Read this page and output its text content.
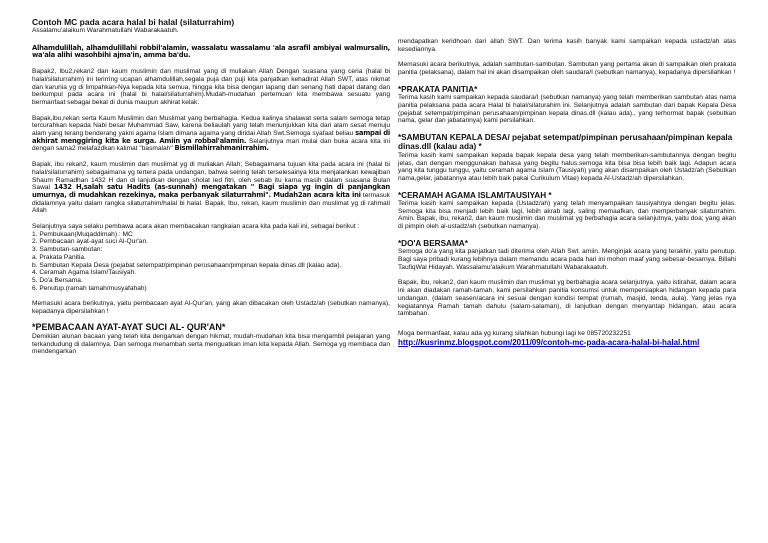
Contoh MC pada acara halal bi halal (silaturrahim)

Assalamu'alaikum Warahmatullahi Wabarakaatuh.

Alhamdulillah, alhamdulillahi robbil'alamin, wassalatu wassalamu 'ala asrafil ambiyai walmursalin, wa'ala alihi wasohbihi ajma'in, amma ba'du.

Bapak2, Ibu2,rekan2 dan kaum muslimin dan muslimat yang di muliakan Allah Dengan suasana yang ceria (halal bi halal/silaturrahim) ini terirring ucapan alhamdulillah,segala puja dan puji kita panjatkan kehadirat Allah SWT, atas nikmat dan karunia yg di limpahkan-Nya kepada kita semua, hingga kita bisa dengan lapang dan senang hati dapat datang dan berkumpul pada acara ini (halal bi halal/silaturrahim).Mudah-mudahan pertemuan kita membawa sesuatu yang bermanfaat sebagai bekal di dunia maupun akhirat kelak.

Bapak,ibu,rekan serta Kaum Muslimin dan Muslimat yang berbahagia. Kedua kalinya shalawat serta salam semoga tetap tercurahkan kepada Nabi besar Muhammad Saw, karena beliaulah yang telah menunjukkan kita dari alam sesat menuju alam yang terang benderang yakni agama Islam dimana agama yang diridai Allah Swt.Semoga syafaat beliau sampai di akhirat menggiring kita ke surga. Amiin ya robbal'alamin. Selanjutnya mari mulai dan buka acara kita ini dengan sama2 melafazdkan kalimat "basmalah" Bismillahirrahmanirrahim.

Bapak, ibu rekan2, kaum muslimin dan muslimat yg di muliakan Allah; Sebagaimana tujuan kita pada acara ini (halal bi halal/silaturrahim) sebagaimana yg tertera pada undangan, bahwa seiring telah terselesainya kita menjalankan kewajiban Shaum Ramadhan 1432 H dan di lanjutkan dengan sholat Ied fitri, oleh sebab itu karna masih dalam suasana Bulan Sawal 1432 H,salah satu Hadits (as-sunnah) mengatakan " Bagi siapa yg ingin di panjangkan umurnya, di mudahkan rezekinya, maka perbanyak silaturrahmi". Mudah2an acara kita ini termasuk didalamnya yaitu dalam rangka silaturrahim/halal bi halal. Bapak, Ibu, rekan, kaum muslimin dan muslimat yg di rahmati Allah

Selanjutnya saya selaku pembawa acara akan membacakan rangkaian acara kita pada kali ini, sebagai berikut :

1. Pembukaan(Muqaddimah) : MC

2. Pembacaan ayat-ayat suci Al-Qur'an.

3. Sambutan-sambutan:

a. Prakata Panitia.

b. Sambutan Kepala Desa (pejabat setempat/pimpinan perusahaan/pimpinan kepala dinas.dll (kalau ada).

4. Ceramah Agama Islam/Tausiyah.

5. Do'a Bersama.

6. Penutup.(ramah tamah/musyafahah)

Memasuki acara berikutnya, yaitu pembacaan ayat Al-Qur'an, yang akan dibacakan oleh Ustadz/ah (sebutkan namanya), kepadanya dipersilahkan !

*PEMBACAAN AYAT-AYAT SUCI AL- QUR'AN*

Demikian alunan bacaan yang telah kita dengarkan dengan hikmat, mudah-mudahan kita bisa mengambil pelajaran yang terkandudung di dalamnya. Dan semoga menambah serta menguatkan iman kita kepada Allah. Semoga yg membaca dan mendengarkan

mendapatkan keridhoan dari allah SWT. Dan terima kasih banyak kami sampaikan kepada ustadz/ah atas kesediannya.

Memasuki acara berikutnya, adalah sambutan-sambutan. Sambutan yang pertama akan di sampaikan oleh prakata panitia (pelaksana), dalam hal ini akan disampaikan oleh saudara/I (sebutkan namanya), kepadanya dipersilahkan !

*PRAKATA PANITIA*

Terima kasih kami sampaikan kepada saudara/I (sebutkan namanya) yang telah memberikan sambutan atas nama panitia pelaksana pada acara Halal bi halal/silaturahim ini. Selanjutnya adalah sambutan dari bapak Kepala Desa (pejabat setempat/pimpinan perusahaan/pimpinan kepala dinas.dll (kalau ada)., yang terhormat bapak (sebutkan nama, gelar dan jabatannya) kami persilahkan.

*SAMBUTAN KEPALA DESA/ pejabat setempat/pimpinan perusahaan/pimpinan kepala dinas.dll (kalau ada) *

Terima kasih kami sampaikan kepada bapak kepala desa yang telah memberikan-sambutannya dengan begitu jelas, dan dengan menggunakan bahasa yang begitu halus.semoga kita bisa bisa lebih baik lagi. Adapun acara yang kita tunggu tunggu, yaitu ceramah agama Islam (Tausiyah) yang akan disampaikan oleh Ustadz/ah (Sebutkan nama,gelar, jabatannya atau lebih baik pakai Curikulum Vitae) kepada Al-Ustadz/ah dipersilahkan.

*CERAMAH AGAMA ISLAM/TAUSIYAH *

Terima kasih kami sampaikan kepada (Ustadz/ah) yang telah menyampaikan tausiyahnya dengan begitu jelas. Semoga kita bisa menjadi lebih baik lagi, lebih akrab lagi, saling memaafkan, dan memperbanyak silaturrahim. Amin. Bapak, ibu, rekan2, dan kaum muslimin dan muslimat yg berbahagia acara selanjutnya, yaitu doa; yang akan di pimpin oleh al-ustadz/ah (sebutkan namanya).

*DO'A BERSAMA*

Semoga do'a yang kita panjatkan tadi diterima oleh Allah Swt. amiin. Menginjak acara yang terakhir, yaitu penutup. Bagi saya pribadi kurang lebihnya dalam memandu acara pada hari ini mohon maaf yang sebesar-besarnya. Billahi TaufiqWal Hidayah. Wassalamu'alaikum Warahmatullahi Wabarakaatuh.

Bapak, ibu, rekan2, dan kaum muslimin dan muslimat yg berbahagia acara selanjutnya. yaitu istirahat, dalam acara ini akan diadakan ramah-tamah, kami persilahkan panitia konsumsi untuk mempersiapkan hidangan kepada para undangan. (dalam seasen/acara ini sesuai dengan kondisi tempat (rumah, masjid, tenda, aula). Yang jelas nya kegiatannya Ramah tamah dahulu (salam-salaman), di lanjutkan dengan menyantap hidangan, atau acara tambahan.

Moga bermanfaat, kalau ada yg kurang silahkan hubungi lagi ke 085720232251

http://kusrinmz.blogspot.com/2011/09/contoh-mc-pada-acara-halal-bi-halal.html
